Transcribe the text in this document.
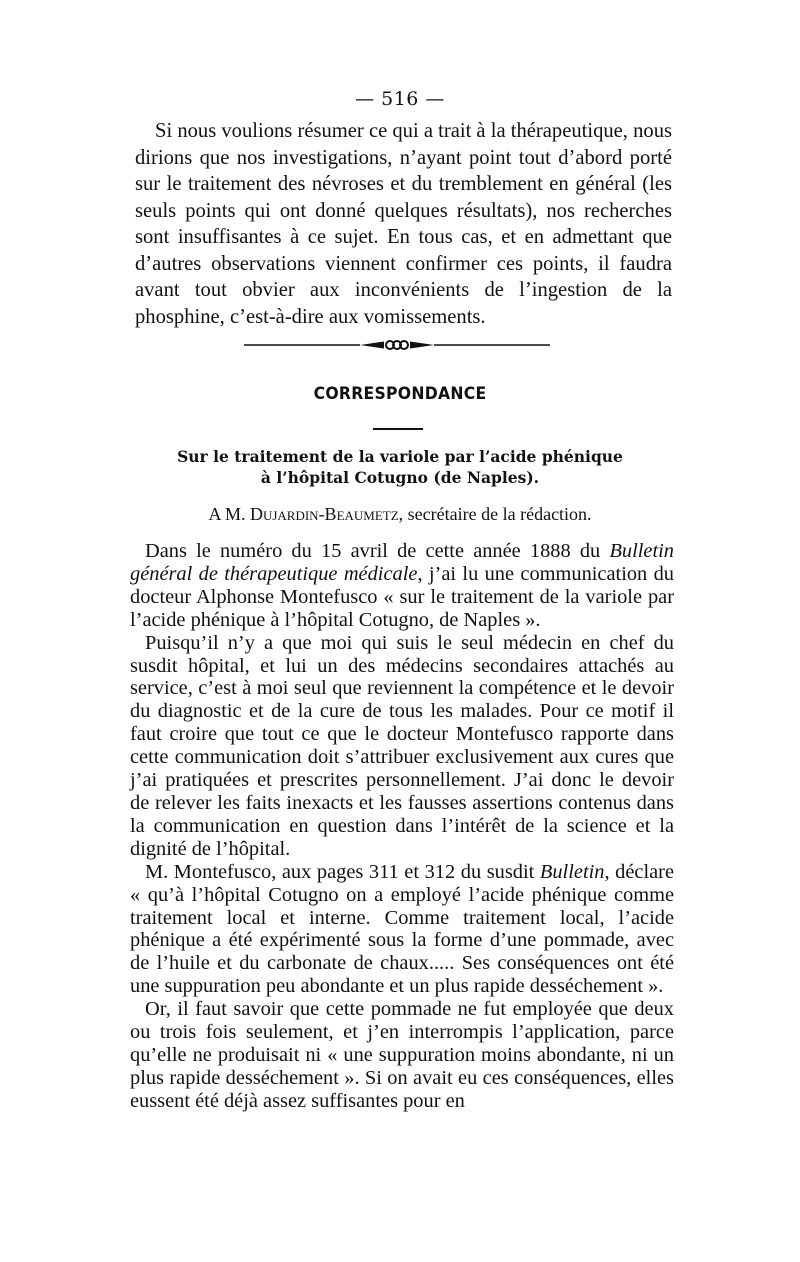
— 516 —

Si nous voulions résumer ce qui a trait à la thérapeutique, nous dirions que nos investigations, n’ayant point tout d’abord porté sur le traitement des névroses et du tremblement en général (les seuls points qui ont donné quelques résultats), nos recherches sont insuffisantes à ce sujet. En tous cas, et en admettant que d’autres observations viennent confirmer ces points, il faudra avant tout obvier aux inconvénients de l’ingestion de la phosphine, c’est-à-dire aux vomissements.

CORRESPONDANCE
Sur le traitement de la variole par l’acide phénique
à l’hôpital Cotugno (de Naples).
A M. Dujardin-Beaumetz, secrétaire de la rédaction.

Dans le numéro du 15 avril de cette année 1888 du Bulletin général de thérapeutique médicale, j’ai lu une communication du docteur Alphonse Montefusco « sur le traitement de la variole par l’acide phénique à l’hôpital Cotugno, de Naples ».

Puisqu’il n’y a que moi qui suis le seul médecin en chef du susdit hôpital, et lui un des médecins secondaires attachés au service, c’est à moi seul que reviennent la compétence et le devoir du diagnostic et de la cure de tous les malades. Pour ce motif il faut croire que tout ce que le docteur Montefusco rapporte dans cette communication doit s’attribuer exclusivement aux cures que j’ai pratiquées et prescrites personnellement. J’ai donc le devoir de relever les faits inexacts et les fausses assertions contenus dans la communication en question dans l’intérêt de la science et la dignité de l’hôpital.

M. Montefusco, aux pages 311 et 312 du susdit Bulletin, déclare « qu’à l’hôpital Cotugno on a employé l’acide phénique comme traitement local et interne. Comme traitement local, l’acide phénique a été expérimenté sous la forme d’une pommade, avec de l’huile et du carbonate de chaux..... Ses conséquences ont été une suppuration peu abondante et un plus rapide desséchement ».

Or, il faut savoir que cette pommade ne fut employée que deux ou trois fois seulement, et j’en interrompis l’application, parce qu’elle ne produisait ni « une suppuration moins abondante, ni un plus rapide desséchement ». Si on avait eu ces conséquences, elles eussent été déjà assez suffisantes pour en
